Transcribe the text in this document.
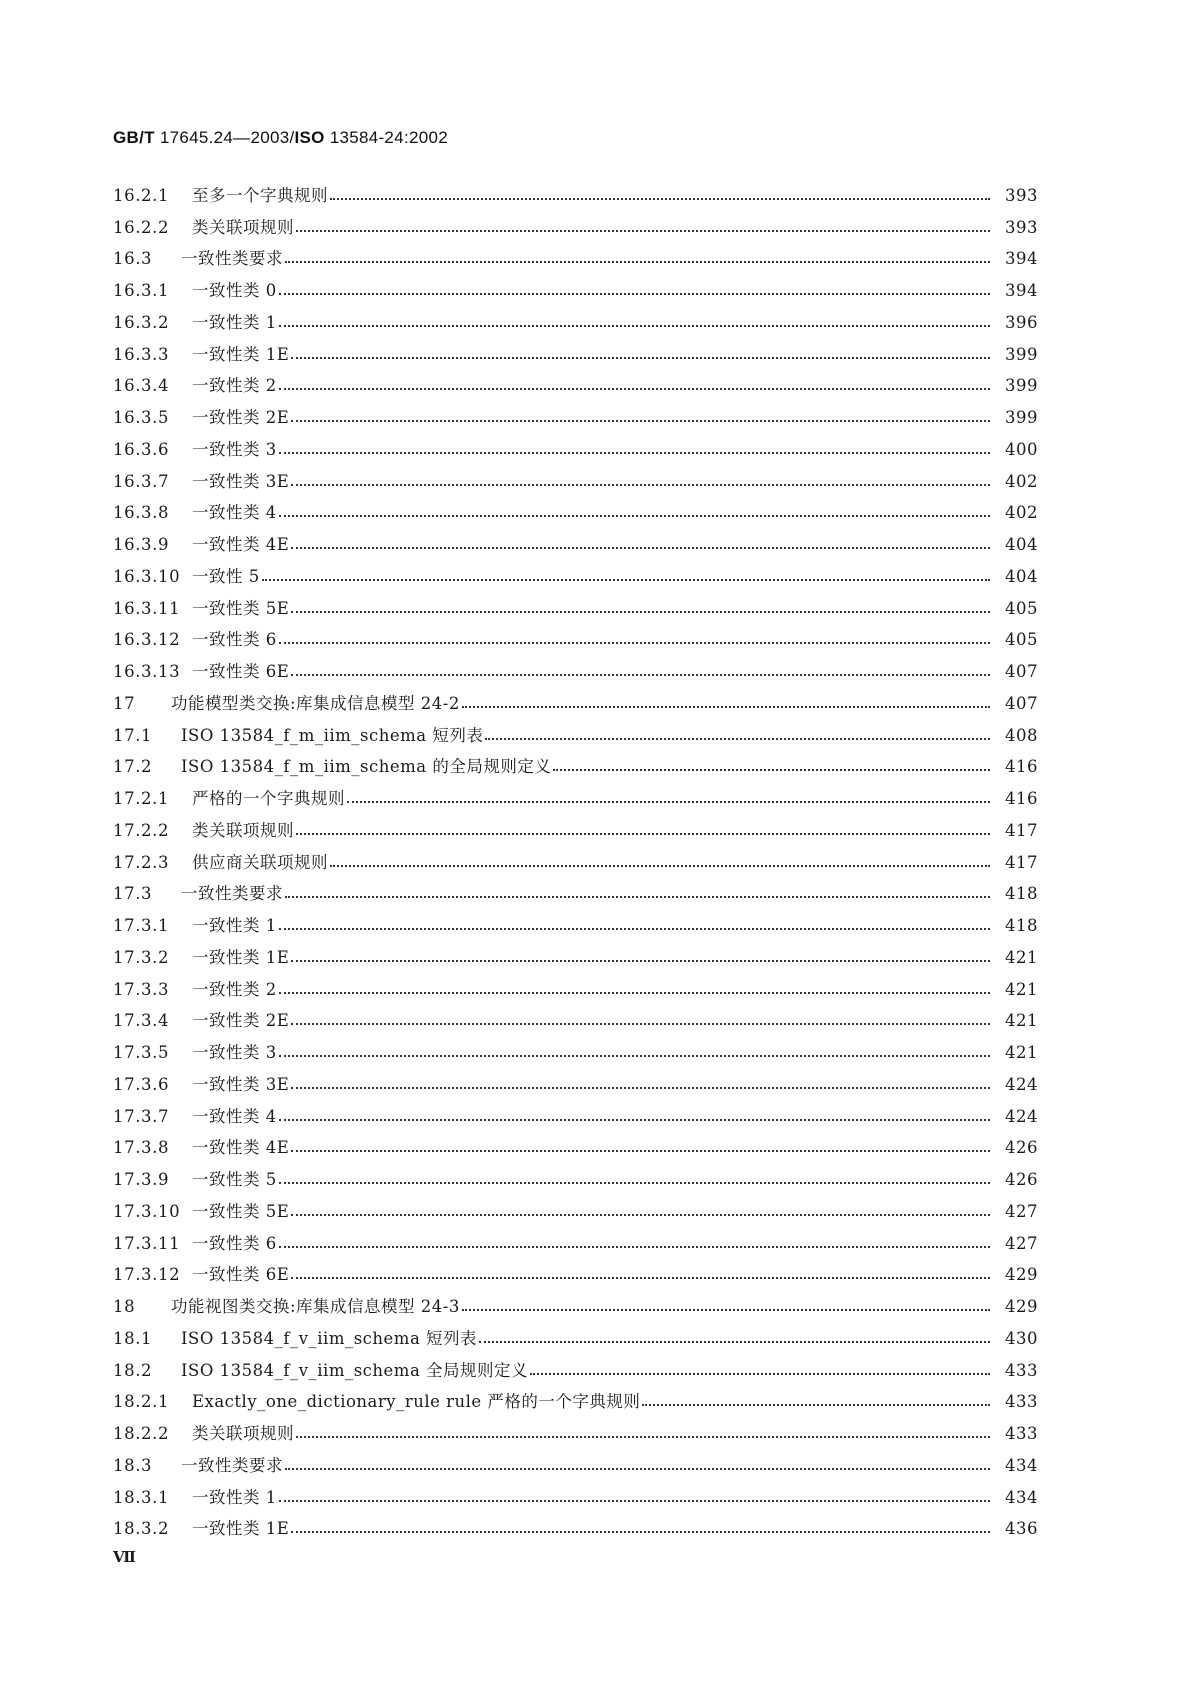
GB/T 17645.24—2003/ISO 13584-24:2002
16.2.1	至多一个字典规则	393
16.2.2	类关联项规则	393
16.3	一致性类要求	394
16.3.1	一致性类 0	394
16.3.2	一致性类 1	396
16.3.3	一致性类 1E	399
16.3.4	一致性类 2	399
16.3.5	一致性类 2E	399
16.3.6	一致性类 3	400
16.3.7	一致性类 3E	402
16.3.8	一致性类 4	402
16.3.9	一致性类 4E	404
16.3.10 一致性 5	404
16.3.11 一致性类 5E	405
16.3.12 一致性类 6	405
16.3.13 一致性类 6E	407
17	功能模型类交换:库集成信息模型 24-2	407
17.1	ISO 13584_f_m_iim_schema 短列表	408
17.2	ISO 13584_f_m_iim_schema 的全局规则定义	416
17.2.1	严格的一个字典规则	416
17.2.2	类关联项规则	417
17.2.3	供应商关联项规则	417
17.3	一致性类要求	418
17.3.1	一致性类 1	418
17.3.2	一致性类 1E	421
17.3.3	一致性类 2	421
17.3.4	一致性类 2E	421
17.3.5	一致性类 3	421
17.3.6	一致性类 3E	424
17.3.7	一致性类 4	424
17.3.8	一致性类 4E	426
17.3.9	一致性类 5	426
17.3.10 一致性类 5E	427
17.3.11 一致性类 6	427
17.3.12 一致性类 6E	429
18	功能视图类交换:库集成信息模型 24-3	429
18.1	ISO 13584_f_v_iim_schema 短列表	430
18.2	ISO 13584_f_v_iim_schema 全局规则定义	433
18.2.1	Exactly_one_dictionary_rule rule 严格的一个字典规则	433
18.2.2	类关联项规则	433
18.3	一致性类要求	434
18.3.1	一致性类 1	434
18.3.2	一致性类 1E	436
Ⅶ
